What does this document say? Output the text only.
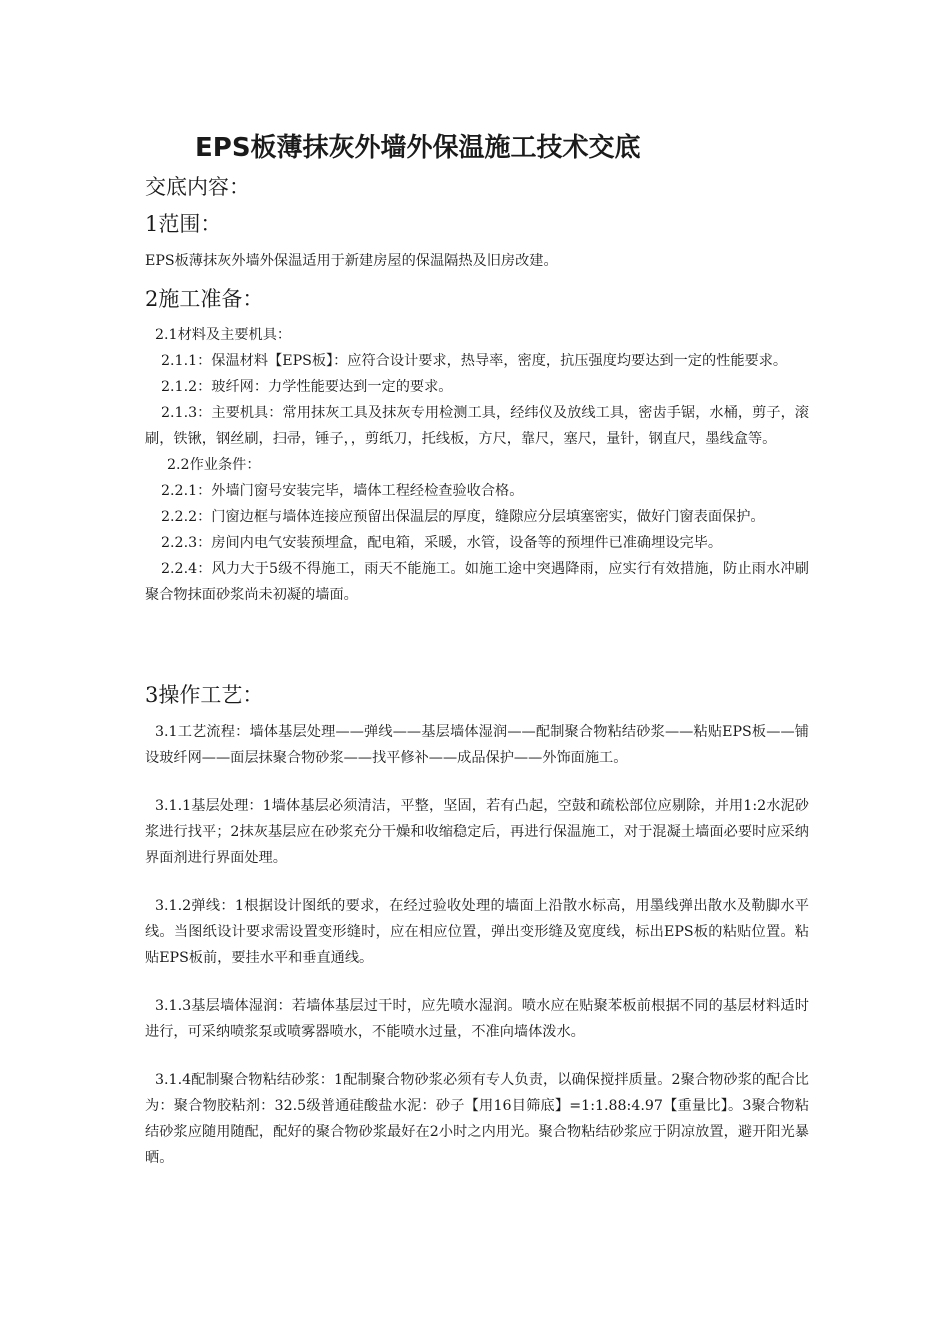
EPS板薄抹灰外墙外保温施工技术交底
交底内容：
1范围：

EPS板薄抹灰外墙外保温适用于新建房屋的保温隔热及旧房改建。

2施工准备：

2.1材料及主要机具：

2.1.1：保温材料【EPS板】：应符合设计要求，热导率，密度，抗压强度均要达到一定的性能要求。

2.1.2：玻纤网：力学性能要达到一定的要求。

2.1.3：主要机具：常用抹灰工具及抹灰专用检测工具，经纬仪及放线工具，密齿手锯，水桶，剪子，滚刷，铁锹，钢丝刷，扫帚，锤子，，剪纸刀，托线板，方尺，靠尺，塞尺，量针，钢直尺，墨线盒等。

2.2作业条件：

2.2.1：外墙门窗号安装完毕，墙体工程经检查验收合格。

2.2.2：门窗边框与墙体连接应预留出保温层的厚度，缝隙应分层填塞密实，做好门窗表面保护。

2.2.3：房间内电气安装预埋盒，配电箱，采暖，水管，设备等的预埋件已准确埋设完毕。

2.2.4：风力大于5级不得施工，雨天不能施工。如施工途中突遇降雨，应实行有效措施，防止雨水冲刷聚合物抹面砂浆尚未初凝的墙面。

3操作工艺：

3.1工艺流程：墙体基层处理——弹线——基层墙体湿润——配制聚合物粘结砂浆——粘贴EPS板——铺设玻纤网——面层抹聚合物砂浆——找平修补——成品保护——外饰面施工。

3.1.1基层处理：1墙体基层必须清洁，平整，坚固，若有凸起，空鼓和疏松部位应剔除，并用1:2水泥砂浆进行找平；2抹灰基层应在砂浆充分干燥和收缩稳定后，再进行保温施工，对于混凝土墙面必要时应采纳界面剂进行界面处理。

3.1.2弹线：1根据设计图纸的要求，在经过验收处理的墙面上沿散水标高，用墨线弹出散水及勒脚水平线。当图纸设计要求需设置变形缝时，应在相应位置，弹出变形缝及宽度线，标出EPS板的粘贴位置。粘贴EPS板前，要挂水平和垂直通线。

3.1.3基层墙体湿润：若墙体基层过干时，应先喷水湿润。喷水应在贴聚苯板前根据不同的基层材料适时进行，可采纳喷浆泵或喷雾器喷水，不能喷水过量，不准向墙体泼水。

3.1.4配制聚合物粘结砂浆：1配制聚合物砂浆必须有专人负责，以确保搅拌质量。2聚合物砂浆的配合比为：聚合物胶粘剂：32.5级普通硅酸盐水泥：砂子【用16目筛底】=1:1.88:4.97【重量比】。3聚合物粘结砂浆应随用随配，配好的聚合物砂浆最好在2小时之内用光。聚合物粘结砂浆应于阴凉放置，避开阳光暴晒。
